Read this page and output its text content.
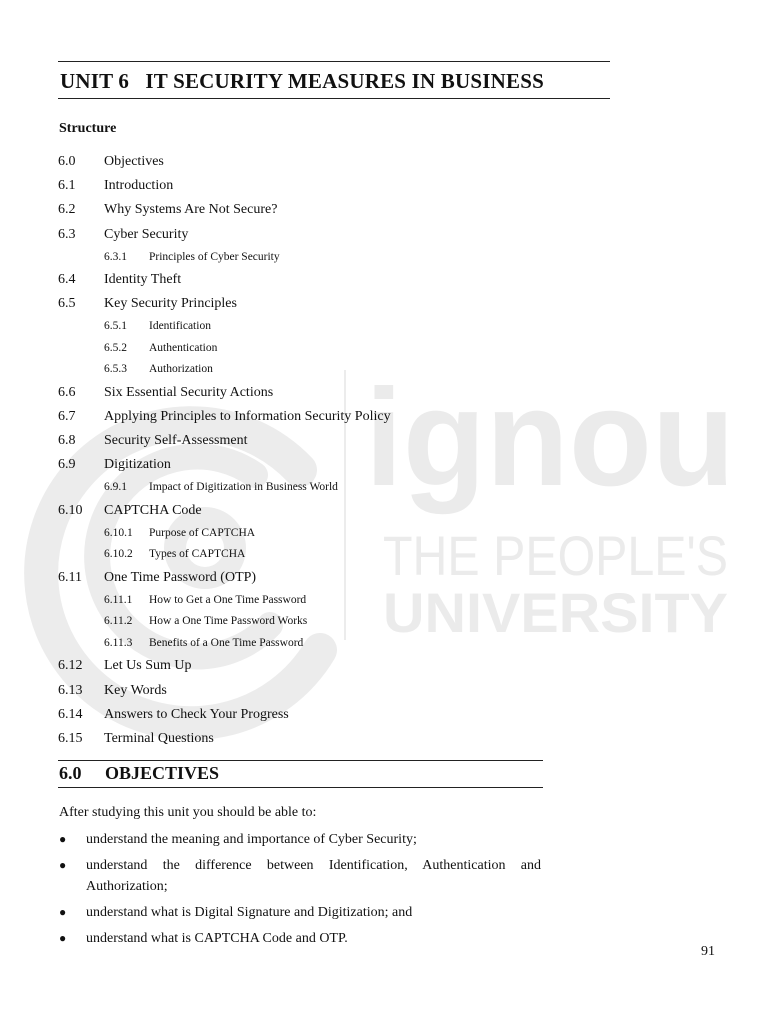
ignou
THE PEOPLE'S
UNIVERSITY
UNIT 6   IT SECURITY MEASURES IN BUSINESS
Structure
6.0 Objectives
6.1 Introduction
6.2 Why Systems Are Not Secure?
6.3 Cyber Security
6.3.1 Principles of Cyber Security
6.4 Identity Theft
6.5 Key Security Principles
6.5.1 Identification
6.5.2 Authentication
6.5.3 Authorization
6.6 Six Essential Security Actions
6.7 Applying Principles to Information Security Policy
6.8 Security Self-Assessment
6.9 Digitization
6.9.1 Impact of Digitization in Business World
6.10 CAPTCHA Code
6.10.1 Purpose of CAPTCHA
6.10.2 Types of CAPTCHA
6.11 One Time Password (OTP)
6.11.1 How to Get a One Time Password
6.11.2 How a One Time Password Works
6.11.3 Benefits of a One Time Password
6.12 Let Us Sum Up
6.13 Key Words
6.14 Answers to Check Your Progress
6.15 Terminal Questions
6.0 OBJECTIVES
After studying this unit you should be able to:
● understand the meaning and importance of Cyber Security;
● understand the difference between Identification, Authentication and Authorization;
● understand what is Digital Signature and Digitization; and
● understand what is CAPTCHA Code and OTP.
91
